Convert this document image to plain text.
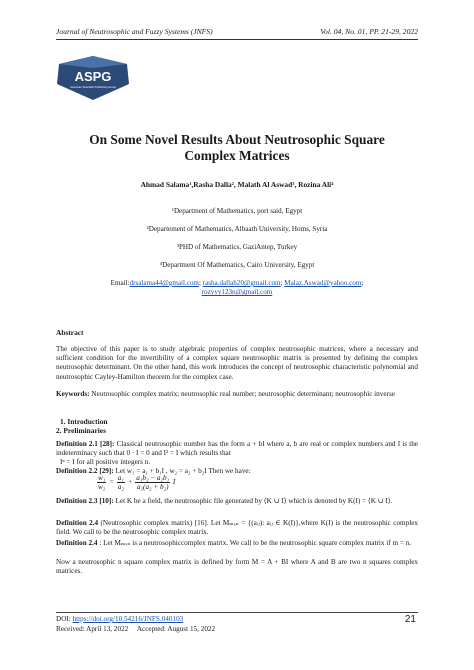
Journal of Neutrosophic and Fuzzy Systems (JNFS)	Vol. 04, No. 01, PP. 21-29, 2022
ASPG
American Scientific Publishing Group
On Some Novel Results About Neutrosophic Square
Complex Matrices
Ahmad Salama¹,Rasha Dalla², Malath Al Aswad³, Rozina Ali⁴
¹Department of Mathematics, port said, Egypt
²Departement of Mathematics, Albaath University, Homs, Syria
³PHD of Mathematics, GaziAntep, Turkey
⁴Department Of Mathematics, Cairo University, Egypt
Email:drsalama44@gmail.com; rasha.dallah20@gmail.com; Malaz.Aswad@yahoo.com;
rozyyy123n@gmail.com
Abstract
The objective of this paper is to study algebraic properties of complex neutrosophic matrices, where a necessary and sufficient condition for the invertibility of a complex square neutrosophic matrix is presented by defining the complex neutrosophic determinant. On the other hand, this work introduces the concept of neutrosophic characteristic polynomial and neutrosophic Cayley-Hamilton theorem for the complex case.
Keywords: Neutrosophic complex matrix; neutrosophic real number; neutrosophic determinant; neutrosophic inverse
1. Introduction
2. Preliminaries
Definition 2.1 [28]: Classical neutrosophic number has the form a + bI where a, b are real or complex numbers and I is the indeterminacy such that 0 · I = 0 and I² = I which results that
Iⁿ = I for all positive integers n.
Definition 2.2 [29]: Let w₁ = a₁ + b₁I , w₂ = a₂ + b₂I Then we have:
$\frac{\text{w₁}}{\text{w₂}} = \frac{\text{a₁}}{\text{a₂}} + \frac{\text{a₁b₂ − a₂b₁}}{\text{a₂(a₂ + b₂)}}$ I
Definition 2.3 [10]: Let K be a field, the neutrosophic file generated by ⟨K ∪ I⟩ which is denoted by K(I) = ⟨K ∪ I⟩.
Definition 2.4 (Neutrosophic complex matrix) [16]. Let Mₘₓₙ = {(aᵢⱼ): aᵢⱼ ∈ K(I)},where K(I) is the neutrosophic complex field. We call to be the neutrosophic complex matrix.
Definition 2.4 : Let Mₘₓₙ is a neutrosophiccomplex matrix. We call to be the neutrosophic square complex matrix if m = n.
Now a neutrosophic n square complex matrix is defined by form M = A + BI where A and B are two n squares complex matrices.
DOI: https://doi.org/10.54216/JNFS.040103
Received: April 13, 2022     Accepted: August 15, 2022
21
